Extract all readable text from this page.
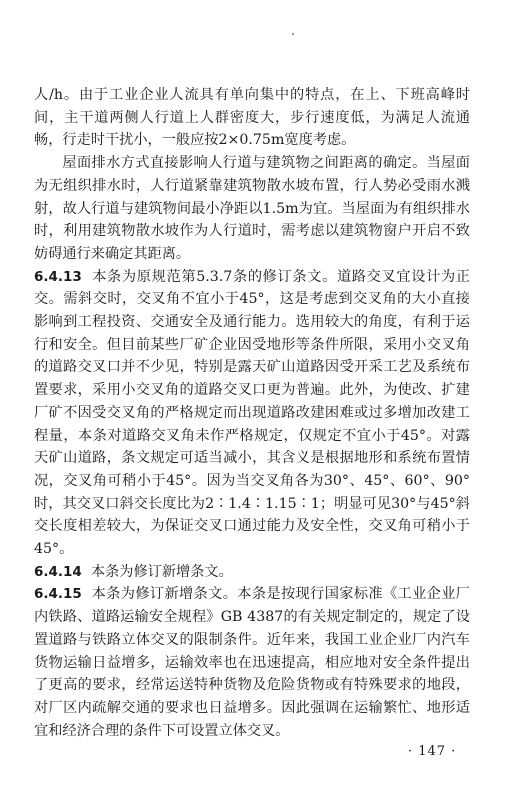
人/h。由于工业企业人流具有单向集中的特点，在上、下班高峰时间，主干道两侧人行道上人群密度大，步行速度低，为满足人流通畅，行走时干扰小，一般应按2×0.75m宽度考虑。

屋面排水方式直接影响人行道与建筑物之间距离的确定。当屋面为无组织排水时，人行道紧靠建筑物散水坡布置，行人势必受雨水溅射，故人行道与建筑物间最小净距以1.5m为宜。当屋面为有组织排水时，利用建筑物散水坡作为人行道时，需考虑以建筑物窗户开启不致妨碍通行来确定其距离。

6.4.13 本条为原规范第5.3.7条的修订条文。道路交叉宜设计为正交。需斜交时，交叉角不宜小于45°，这是考虑到交叉角的大小直接影响到工程投资、交通安全及通行能力。选用较大的角度，有利于运行和安全。但目前某些厂矿企业因受地形等条件所限，采用小交叉角的道路交叉口并不少见，特别是露天矿山道路因受开采工艺及系统布置要求，采用小交叉角的道路交叉口更为普遍。此外，为使改、扩建厂矿不因受交叉角的严格规定而出现道路改建困难或过多增加改建工程量，本条对道路交叉角未作严格规定，仅规定不宜小于45°。对露天矿山道路，条文规定可适当减小，其含义是根据地形和系统布置情况，交叉角可稍小于45°。因为当交叉角各为30°、45°、60°、90°时，其交叉口斜交长度比为2∶1.4∶1.15∶1；明显可见30°与45°斜交长度相差较大，为保证交叉口通过能力及安全性，交叉角可稍小于45°。

6.4.14 本条为修订新增条文。

6.4.15 本条为修订新增条文。本条是按现行国家标准《工业企业厂内铁路、道路运输安全规程》GB 4387的有关规定制定的，规定了设置道路与铁路立体交叉的限制条件。近年来，我国工业企业厂内汽车货物运输日益增多，运输效率也在迅速提高，相应地对安全条件提出了更高的要求，经常运送特种货物及危险货物或有特殊要求的地段，对厂区内疏解交通的要求也日益增多。因此强调在运输繁忙、地形适宜和经济合理的条件下可设置立体交叉。

· 147 ·
